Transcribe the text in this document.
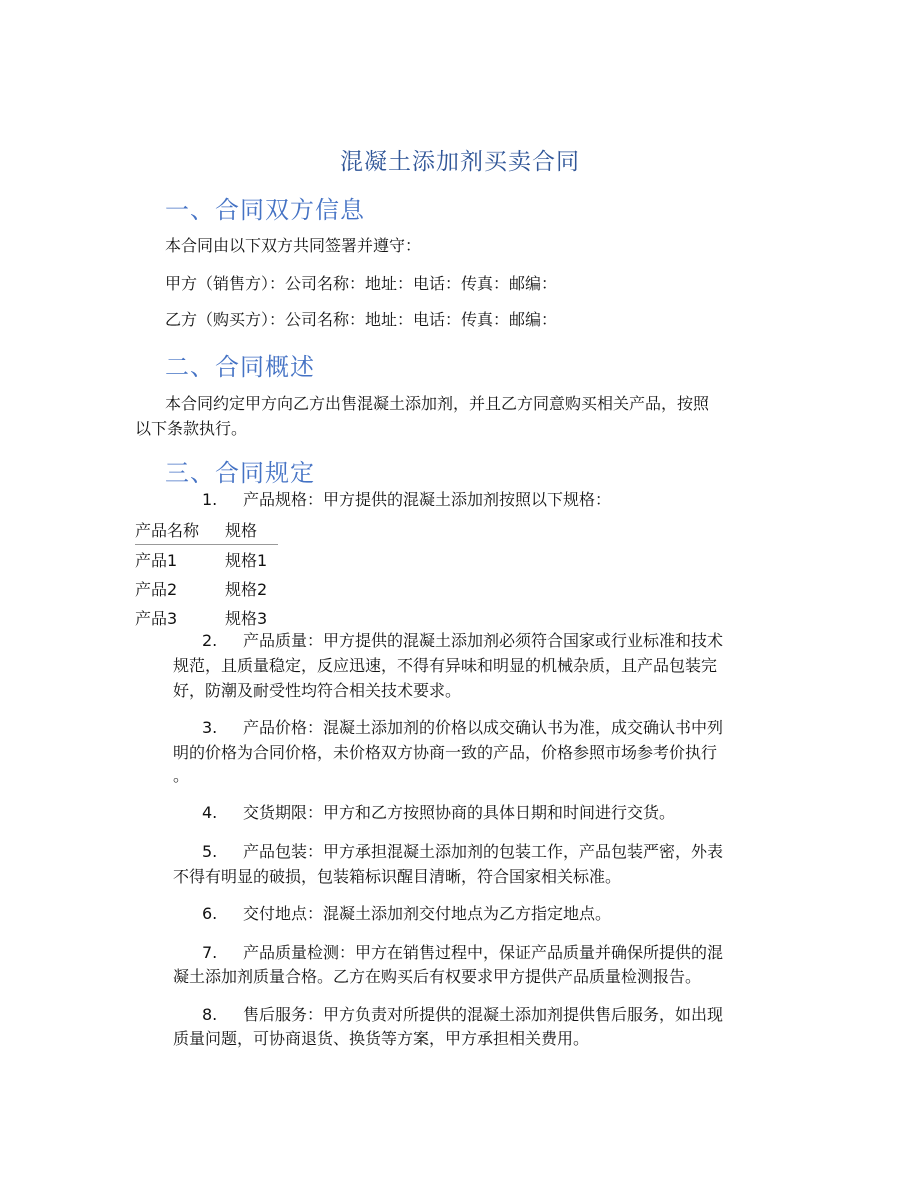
混凝土添加剂买卖合同
一、合同双方信息

本合同由以下双方共同签署并遵守：

甲方（销售方）：公司名称：地址：电话：传真：邮编：

乙方（购买方）：公司名称：地址：电话：传真：邮编：

二、合同概述

本合同约定甲方向乙方出售混凝土添加剂，并且乙方同意购买相关产品，按照

以下条款执行。

三、合同规定

1. 产品规格：甲方提供的混凝土添加剂按照以下规格：

产品名称	规格
产品1	规格1
产品2	规格2
产品3	规格3

2. 产品质量：甲方提供的混凝土添加剂必须符合国家或行业标准和技术

规范，且质量稳定，反应迅速，不得有异味和明显的机械杂质，且产品包装完

好，防潮及耐受性均符合相关技术要求。

3. 产品价格：混凝土添加剂的价格以成交确认书为准，成交确认书中列

明的价格为合同价格，未价格双方协商一致的产品，价格参照市场参考价执行

。

4. 交货期限：甲方和乙方按照协商的具体日期和时间进行交货。

5. 产品包装：甲方承担混凝土添加剂的包装工作，产品包装严密，外表

不得有明显的破损，包装箱标识醒目清晰，符合国家相关标准。

6. 交付地点：混凝土添加剂交付地点为乙方指定地点。

7. 产品质量检测：甲方在销售过程中，保证产品质量并确保所提供的混

凝土添加剂质量合格。乙方在购买后有权要求甲方提供产品质量检测报告。

8. 售后服务：甲方负责对所提供的混凝土添加剂提供售后服务，如出现

质量问题，可协商退货、换货等方案，甲方承担相关费用。
